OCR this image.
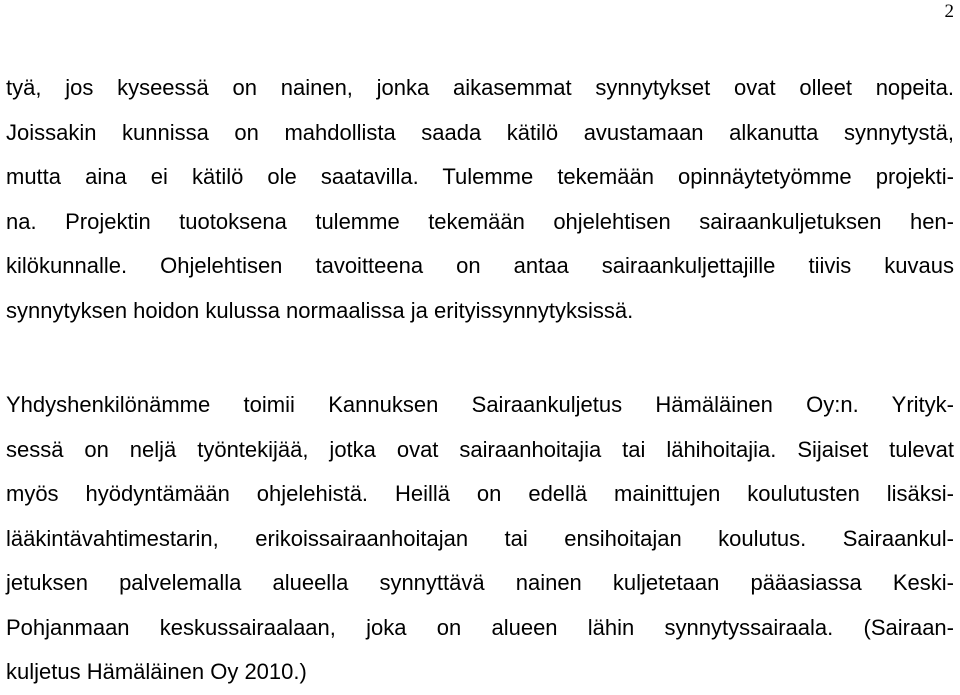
2
tyä, jos kyseessä on nainen, jonka aikasemmat synnytykset ovat olleet nopeita.
Joissakin kunnissa on mahdollista saada kätilö avustamaan alkanutta synnytystä,
mutta aina ei kätilö ole saatavilla. Tulemme tekemään opinnäytetyömme projekti-
na. Projektin tuotoksena tulemme tekemään ohjelehtisen sairaankuljetuksen hen-
kilökunnalle. Ohjelehtisen tavoitteena on antaa sairaankuljettajille tiivis kuvaus
synnytyksen hoidon kulussa normaalissa ja erityissynnytyksissä.
Yhdyshenkilönämme toimii Kannuksen Sairaankuljetus Hämäläinen Oy:n. Yrityk-
sessä on neljä työntekijää, jotka ovat sairaanhoitajia tai lähihoitajia. Sijaiset tulevat
myös hyödyntämään ohjelehistä. Heillä on edellä mainittujen koulutusten lisäksi-
lääkintävahtimestarin, erikoissairaanhoitajan tai ensihoitajan koulutus. Sairaankul-
jetuksen palvelemalla alueella synnyttävä nainen kuljetetaan pääasiassa Keski-
Pohjanmaan keskussairaalaan, joka on alueen lähin synnytyssairaala. (Sairaan-
kuljetus Hämäläinen Oy 2010.)
